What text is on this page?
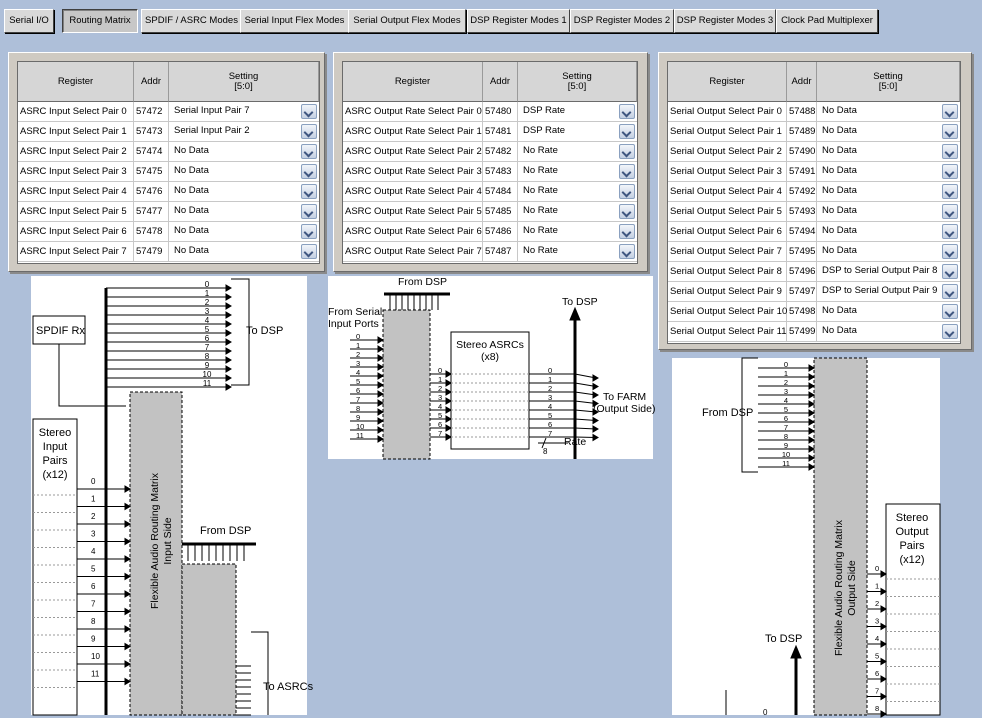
Serial I/O	Routing Matrix	SPDIF / ASRC Modes Serial Input Flex Modes Serial Output Flex Modes	DSP Register Modes 1 DSP Register Modes 2 DSP Register Modes 3 Clock Pad Multiplexer
Register	Addr	Setting
[5:0]
ASRC Input Select Pair 0 57472	Serial Input Pair 7
ASRC Input Select Pair 1 57473	Serial Input Pair 2
ASRC Input Select Pair 2 57474	No Data
ASRC Input Select Pair 3 57475	No Data
ASRC Input Select Pair 4 57476	No Data
ASRC Input Select Pair 5 57477	No Data
ASRC Input Select Pair 6 57478	No Data
ASRC Input Select Pair 7 57479	No Data
Register	Addr	Setting
[5:0]
ASRC Output Rate Select Pair 0 57480	DSP Rate
ASRC Output Rate Select Pair 1 57481	DSP Rate
ASRC Output Rate Select Pair 2 57482	No Rate
ASRC Output Rate Select Pair 3 57483	No Rate
ASRC Output Rate Select Pair 4 57484	No Rate
ASRC Output Rate Select Pair 5 57485	No Rate
ASRC Output Rate Select Pair 6 57486	No Rate
ASRC Output Rate Select Pair 7 57487	No Rate
Register	Addr	Setting
[5:0]
Serial Output Select Pair 0 57488 No Data
Serial Output Select Pair 1 57489 No Data
Serial Output Select Pair 2 57490 No Data
Serial Output Select Pair 3 57491 No Data
Serial Output Select Pair 4 57492 No Data
Serial Output Select Pair 5 57493 No Data
Serial Output Select Pair 6 57494 No Data
Serial Output Select Pair 7 57495 No Data
Serial Output Select Pair 8 57496 DSP to Serial Output Pair 8
Serial Output Select Pair 9 57497 DSP to Serial Output Pair 9
Serial Output Select Pair 10 57498 No Data
Serial Output Select Pair 11 57499 No Data
SPDIF Rx	To DSP
Stereo
Input
Pairs
(x12)
From DSP
To ASRCs
Flexible Audio Routing Matrix Input Side
0
1
2
3
4
5
6
7
8
9
10
11
0
1
2
3
4
5
6
7
8
9
10
11
From DSP
From Serial
Input Ports
Stereo ASRCs
(x8)
To DSP
To FARM
(Output Side)
Rate
8
0
1
2
3
4
5
6
7
8
9
10
11
0	0
1	1
2	2
3	3
4	4
5	5
6	6
7	7
From DSP
Stereo
Output
Pairs
(x12)
To DSP
0
Flexible Audio Routing Matrix Output Side
0
1
2
3
4
5
6
7
8
9
10
11
0
1
2
3
4
5
6
7
8
